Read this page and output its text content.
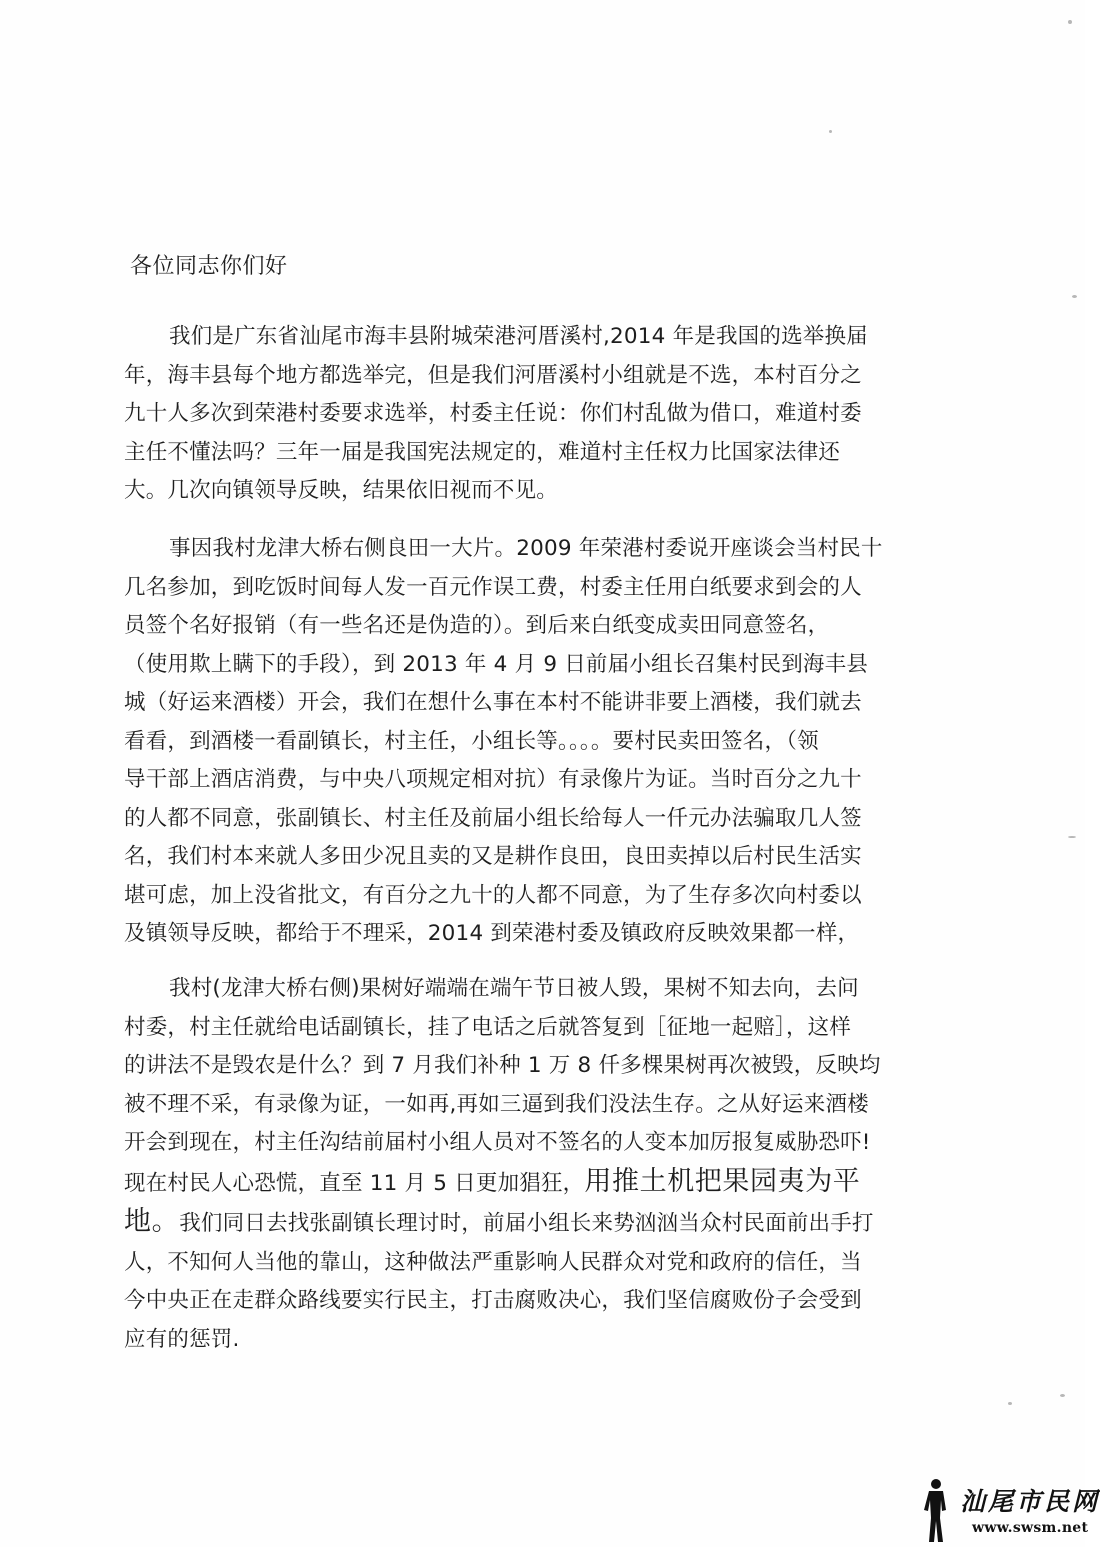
各位同志你们好
我们是广东省汕尾市海丰县附城荣港河厝溪村,2014 年是我国的选举换届
年，海丰县每个地方都选举完，但是我们河厝溪村小组就是不选，本村百分之
九十人多次到荣港村委要求选举，村委主任说：你们村乱做为借口，难道村委
主任不懂法吗？三年一届是我国宪法规定的，难道村主任权力比国家法律还
大。几次向镇领导反映，结果依旧视而不见。
事因我村龙津大桥右侧良田一大片。2009 年荣港村委说开座谈会当村民十
几名参加，到吃饭时间每人发一百元作误工费，村委主任用白纸要求到会的人
员签个名好报销（有一些名还是伪造的）。到后来白纸变成卖田同意签名，
（使用欺上瞒下的手段），到 2013 年 4 月 9 日前届小组长召集村民到海丰县
城（好运来酒楼）开会，我们在想什么事在本村不能讲非要上酒楼，我们就去
看看，到酒楼一看副镇长，村主任，小组长等。。。。要村民卖田签名，（领
导干部上酒店消费，与中央八项规定相对抗）有录像片为证。当时百分之九十
的人都不同意，张副镇长、村主任及前届小组长给每人一仟元办法骗取几人签
名，我们村本来就人多田少况且卖的又是耕作良田，良田卖掉以后村民生活实
堪可虑，加上没省批文，有百分之九十的人都不同意，为了生存多次向村委以
及镇领导反映，都给于不理采，2014 到荣港村委及镇政府反映效果都一样，
我村(龙津大桥右侧)果树好端端在端午节日被人毁，果树不知去向，去问
村委，村主任就给电话副镇长，挂了电话之后就答复到［征地一起赔］，这样
的讲法不是毁农是什么？到 7 月我们补种 1 万 8 仟多棵果树再次被毁，反映均
被不理不采，有录像为证，一如再,再如三逼到我们没法生存。之从好运来酒楼
开会到现在，村主任沟结前届村小组人员对不签名的人变本加厉报复威胁恐吓!
现在村民人心恐慌，直至 11 月 5 日更加猖狂，用推土机把果园夷为平
地。我们同日去找张副镇长理讨时，前届小组长来势汹汹当众村民面前出手打
人，不知何人当他的靠山，这种做法严重影响人民群众对党和政府的信任，当
今中央正在走群众路线要实行民主，打击腐败决心，我们坚信腐败份子会受到
应有的惩罚.
汕尾市民网
www.swsm.net
